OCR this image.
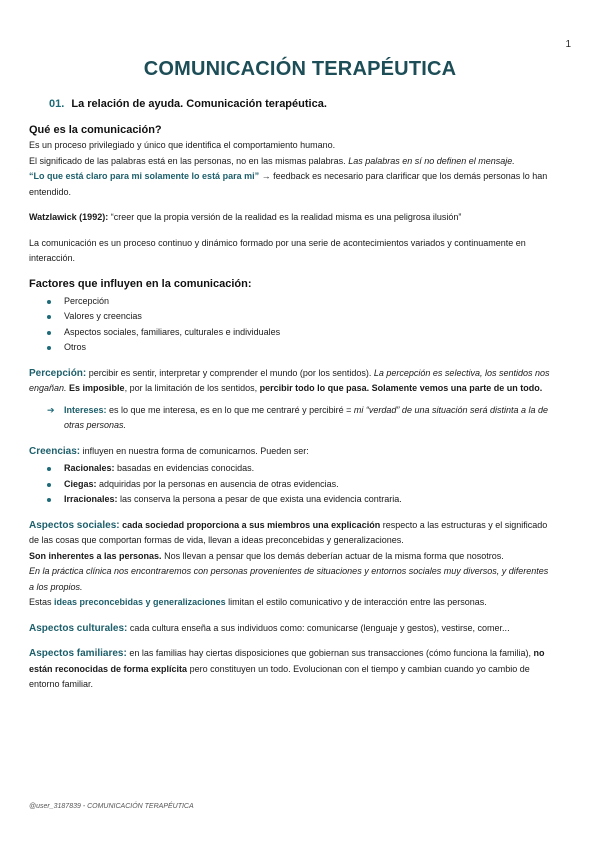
1
COMUNICACIÓN TERAPÉUTICA
01. La relación de ayuda. Comunicación terapéutica.
Qué es la comunicación?

Es un proceso privilegiado y único que identifica el comportamiento humano.

El significado de las palabras está en las personas, no en las mismas palabras. Las palabras en sí no definen el mensaje.

“Lo que está claro para mi solamente lo está para mi” → feedback es necesario para clarificar que los demás personas lo han entendido.

Watzlawick (1992): “creer que la propia versión de la realidad es la realidad misma es una peligrosa ilusión”

La comunicación es un proceso continuo y dinámico formado por una serie de acontecimientos variados y continuamente en interacción.

Factores que influyen en la comunicación:
Percepción
Valores y creencias
Aspectos sociales, familiares, culturales e individuales
Otros

Percepción: percibir es sentir, interpretar y comprender el mundo (por los sentidos). La percepción es selectiva, los sentidos nos engañan. Es imposible, por la limitación de los sentidos, percibir todo lo que pasa. Solamente vemos una parte de un todo.

➔ Intereses: es lo que me interesa, es en lo que me centraré y percibiré = mi “verdad” de una situación será distinta a la de otras personas.

Creencias: influyen en nuestra forma de comunicarnos. Pueden ser:

Racionales: basadas en evidencias conocidas.
Ciegas: adquiridas por la personas en ausencia de otras evidencias.
Irracionales: las conserva la persona a pesar de que exista una evidencia contraria.

Aspectos sociales: cada sociedad proporciona a sus miembros una explicación respecto a las estructuras y el significado de las cosas que comportan formas de vida, llevan a ideas preconcebidas y generalizaciones.

Son inherentes a las personas. Nos llevan a pensar que los demás deberían actuar de la misma forma que nosotros.

En la práctica clínica nos encontraremos con personas provenientes de situaciones y entornos sociales muy diversos, y diferentes a los propios.

Estas ideas preconcebidas y generalizaciones limitan el estilo comunicativo y de interacción entre las personas.

Aspectos culturales: cada cultura enseña a sus individuos como: comunicarse (lenguaje y gestos), vestirse, comer...

Aspectos familiares: en las familias hay ciertas disposiciones que gobiernan sus transacciones (cómo funciona la familia), no están reconocidas de forma explícita pero constituyen un todo. Evolucionan con el tiempo y cambian cuando yo cambio de entorno familiar.

@user_3187839 - COMUNICACIÓN TERAPÉUTICA
